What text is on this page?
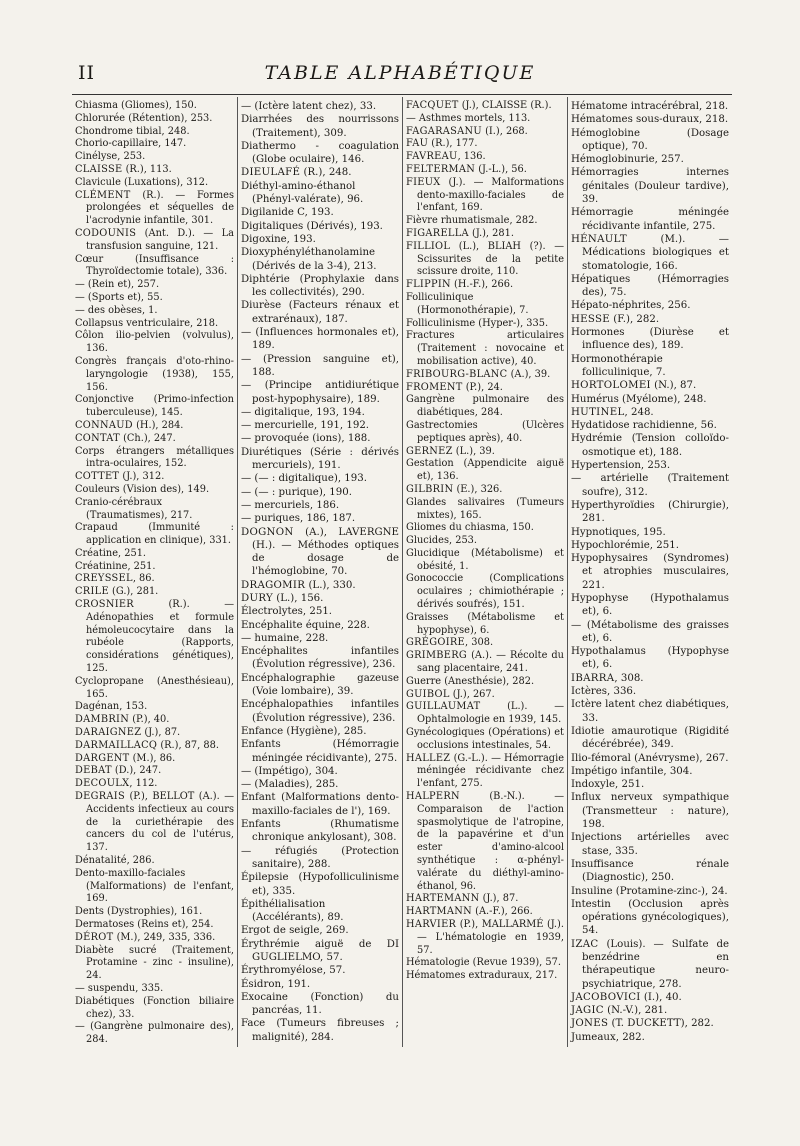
II	TABLE ALPHABÉTIQUE

Chiasma (Gliomes), 150.

Chlorurée (Rétention), 253.

Chondrome tibial, 248.

Chorio-capillaire, 147.

Cinélyse, 253.

CLAISSE (R.), 113.

Clavicule (Luxations), 312.

CLÉMENT (R.). — Formes prolongées et séquelles de l'acrodynie infantile, 301.

CODOUNIS (Ant. D.). — La transfusion sanguine, 121.

Cœur (Insuffisance : Thyroïdectomie totale), 336.

— (Rein et), 257.

— (Sports et), 55.

— des obèses, 1.

Collapsus ventriculaire, 218.

Côlon ilio-pelvien (volvulus), 136.

Congrès français d'oto-rhino-laryngologie (1938), 155, 156.

Conjonctive (Primo-infection tuberculeuse), 145.

CONNAUD (H.), 284.

CONTAT (Ch.), 247.

Corps étrangers métalliques intra-oculaires, 152.

COTTET (J.), 312.

Couleurs (Vision des), 149.

Cranio-cérébraux (Traumatismes), 217.

Crapaud (Immunité : application en clinique), 331.

Créatine, 251.

Créatinine, 251.

CREYSSEL, 86.

CRILE (G.), 281.

CROSNIER (R.). — Adénopathies et formule hémoleucocytaire dans la rubéole (Rapports, considérations génétiques), 125.

Cyclopropane (Anesthésieau), 165.

Dagénan, 153.

DAMBRIN (P.), 40.

DARAIGNEZ (J.), 87.

DARMAILLACQ (R.), 87, 88.

DARGENT (M.), 86.

DEBAT (D.), 247.

DECOULX, 112.

DEGRAIS (P.), BELLOT (A.). — Accidents infectieux au cours de la curiethérapie des cancers du col de l'utérus, 137.

Dénatalité, 286.

Dento-maxillo-faciales (Malformations) de l'enfant, 169.

Dents (Dystrophies), 161.

Dermatoses (Reins et), 254.

DÉROT (M.), 249, 335, 336.

Diabète sucré (Traitement, Protamine - zinc - insuline), 24.

— suspendu, 335.

Diabétiques (Fonction biliaire chez), 33.

— (Gangrène pulmonaire des), 284.

— (Ictère latent chez), 33.

Diarrhées des nourrissons (Traitement), 309.

Diathermo - coagulation (Globe oculaire), 146.

DIEULAFÉ (R.), 248.

Diéthyl-amino-éthanol (Phényl-valérate), 96.

Digilanide C, 193.

Digitaliques (Dérivés), 193.

Digoxine, 193.

Dioxyphényléthanolamine (Dérivés de la 3-4), 213.

Diphtérie (Prophylaxie dans les collectivités), 290.

Diurèse (Facteurs rénaux et extrarénaux), 187.

— (Influences hormonales et), 189.

— (Pression sanguine et), 188.

— (Principe antidiurétique post-hypophysaire), 189.

— digitalique, 193, 194.

— mercurielle, 191, 192.

— provoquée (ions), 188.

Diurétiques (Série : dérivés mercuriels), 191.

— (— : digitalique), 193.

— (— : purique), 190.

— mercuriels, 186.

— puriques, 186, 187.

DOGNON (A.), LAVERGNE (H.). — Méthodes optiques de dosage de l'hémoglobine, 70.

DRAGOMIR (L.), 330.

DURY (L.), 156.

Électrolytes, 251.

Encéphalite équine, 228.

— humaine, 228.

Encéphalites infantiles (Évolution régressive), 236.

Encéphalographie gazeuse (Voie lombaire), 39.

Encéphalopathies infantiles (Évolution régressive), 236.

Enfance (Hygiène), 285.

Enfants (Hémorragie méningée récidivante), 275.

— (Impétigo), 304.

— (Maladies), 285.

Enfant (Malformations dento-maxillo-faciales de l'), 169.

Enfants (Rhumatisme chronique ankylosant), 308.

— réfugiés (Protection sanitaire), 288.

Épilepsie (Hypofolliculinisme et), 335.

Épithélialisation (Accélérants), 89.

Ergot de seigle, 269.

Érythrémie aiguë de DI GUGLIELMO, 57.

Érythromyélose, 57.

Ésidron, 191.

Exocaine (Fonction) du pancréas, 11.

Face (Tumeurs fibreuses ; malignité), 284.

FACQUET (J.), CLAISSE (R.).

— Asthmes mortels, 113.

FAGARASANU (I.), 268.

FAU (R.), 177.

FAVREAU, 136.

FELTERMAN (J.-L.), 56.

FIEUX (J.). — Malformations dento-maxillo-faciales de l'enfant, 169.

Fièvre rhumatismale, 282.

FIGARELLA (J.), 281.

FILLIOL (L.), BLIAH (?). — Scissurites de la petite scissure droite, 110.

FLIPPIN (H.-F.), 266.

Folliculinique (Hormonothérapie), 7.

Folliculinisme (Hyper-), 335.

Fractures articulaires (Traitement : novocaine et mobilisation active), 40.

FRIBOURG-BLANC (A.), 39.

FROMENT (P.), 24.

Gangrène pulmonaire des diabétiques, 284.

Gastrectomies (Ulcères peptiques après), 40.

GERNEZ (L.), 39.

Gestation (Appendicite aiguë et), 136.

GILBRIN (E.), 326.

Glandes salivaires (Tumeurs mixtes), 165.

Gliomes du chiasma, 150.

Glucides, 253.

Glucidique (Métabolisme) et obésité, 1.

Gonococcie (Complications oculaires ; chimiothérapie ; dérivés soufrés), 151.

Graisses (Métabolisme et hypophyse), 6.

GRÉGOIRE, 308.

GRIMBERG (A.). — Récolte du sang placentaire, 241.

Guerre (Anesthésie), 282.

GUIBOL (J.), 267.

GUILLAUMAT (L.). — Ophtalmologie en 1939, 145.

Gynécologiques (Opérations) et occlusions intestinales, 54.

HALLEZ (G.-L.). — Hémorragie méningée récidivante chez l'enfant, 275.

HALPERN (B.-N.). — Comparaison de l'action spasmolytique de l'atropine, de la papavérine et d'un ester d'amino-alcool synthétique : α-phényl-valérate du diéthyl-amino-éthanol, 96.

HARTEMANN (J.), 87.

HARTMANN (A.-F.), 266.

HARVIER (P.), MALLARMÉ (J.). — L'hématologie en 1939, 57.

Hématologie (Revue 1939), 57.

Hématomes extraduraux, 217.

Hématome intracérébral, 218.

Hématomes sous-duraux, 218.

Hémoglobine (Dosage optique), 70.

Hémoglobinurie, 257.

Hémorragies internes génitales (Douleur tardive), 39.

Hémorragie méningée récidivante infantile, 275.

HÉNAULT (M.). — Médications biologiques et stomatologie, 166.

Hépatiques (Hémorragies des), 75.

Hépato-néphrites, 256.

HESSE (F.), 282.

Hormones (Diurèse et influence des), 189.

Hormonothérapie folliculinique, 7.

HORTOLOMEI (N.), 87.

Humérus (Myélome), 248.

HUTINEL, 248.

Hydatidose rachidienne, 56.

Hydrémie (Tension colloïdo-osmotique et), 188.

Hypertension, 253.

— artérielle (Traitement soufre), 312.

Hyperthyroïdies (Chirurgie), 281.

Hypnotiques, 195.

Hypochlorémie, 251.

Hypophysaires (Syndromes) et atrophies musculaires, 221.

Hypophyse (Hypothalamus et), 6.

— (Métabolisme des graisses et), 6.

Hypothalamus (Hypophyse et), 6.

IBARRA, 308.

Ictères, 336.

Ictère latent chez diabétiques, 33.

Idiotie amaurotique (Rigidité décérébrée), 349.

Ilio-fémoral (Anévrysme), 267.

Impétigo infantile, 304.

Indoxyle, 251.

Influx nerveux sympathique (Transmetteur : nature), 198.

Injections artérielles avec stase, 335.

Insuffisance rénale (Diagnostic), 250.

Insuline (Protamine-zinc-), 24.

Intestin (Occlusion après opérations gynécologiques), 54.

IZAC (Louis). — Sulfate de benzédrine en thérapeutique neuro-psychiatrique, 278.

JACOBOVICI (I.), 40.

JAGIC (N.-V.), 281.

JONES (T. DUCKETT), 282.

Jumeaux, 282.
